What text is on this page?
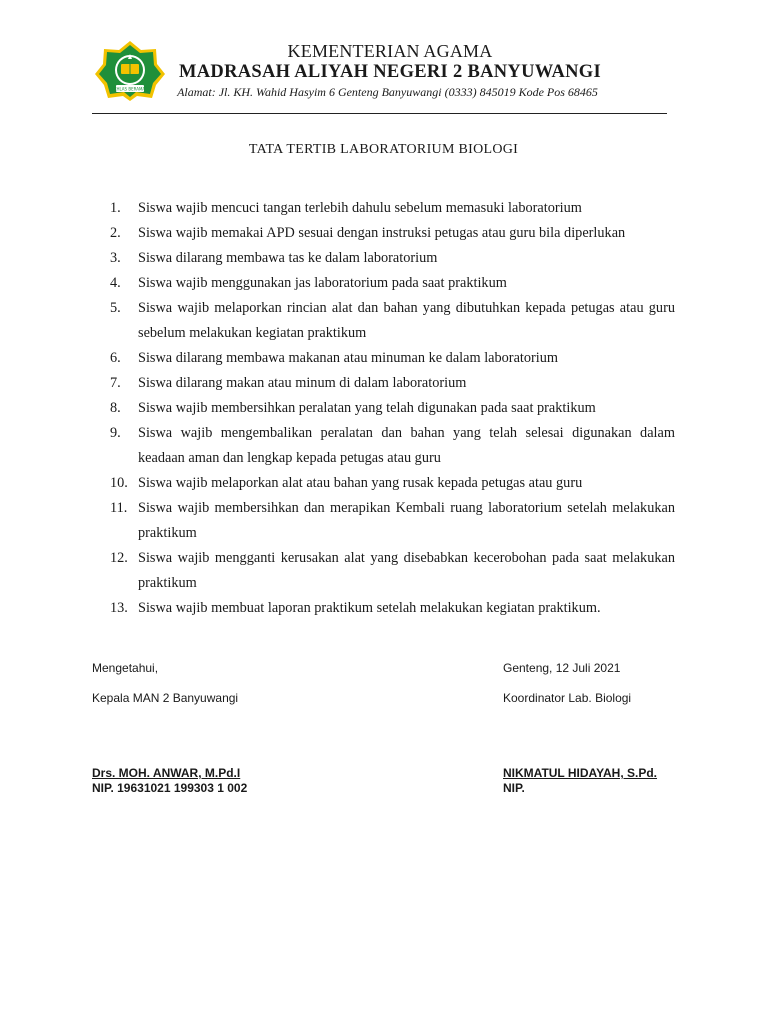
IKHLAS BERAMAL
KEMENTERIAN AGAMA
MADRASAH ALIYAH NEGERI 2 BANYUWANGI
Alamat: Jl. KH. Wahid Hasyim 6 Genteng Banyuwangi (0333) 845019 Kode Pos 68465
TATA TERTIB LABORATORIUM BIOLOGI
1.	Siswa wajib mencuci tangan terlebih dahulu sebelum memasuki laboratorium
2.	Siswa wajib memakai APD sesuai dengan instruksi petugas atau guru bila diperlukan
3.	Siswa dilarang membawa tas ke dalam laboratorium
4.	Siswa wajib menggunakan jas laboratorium pada saat praktikum
5.	Siswa wajib melaporkan rincian alat dan bahan yang dibutuhkan kepada petugas atau guru sebelum melakukan kegiatan praktikum
6.	Siswa dilarang membawa makanan atau minuman ke dalam laboratorium
7.	Siswa dilarang makan atau minum di dalam laboratorium
8.	Siswa wajib membersihkan peralatan yang telah digunakan pada saat praktikum
9.	Siswa wajib mengembalikan peralatan dan bahan yang telah selesai digunakan dalam keadaan aman dan lengkap kepada petugas atau guru
10. Siswa wajib melaporkan alat atau bahan yang rusak kepada petugas atau guru
11. Siswa wajib membersihkan dan merapikan Kembali ruang laboratorium setelah melakukan praktikum
12. Siswa wajib mengganti kerusakan alat yang disebabkan kecerobohan pada saat melakukan praktikum
13. Siswa wajib membuat laporan praktikum setelah melakukan kegiatan praktikum.
Mengetahui,
Kepala MAN 2 Banyuwangi
Drs. MOH. ANWAR, M.Pd.I
NIP. 19631021 199303 1 002
Genteng, 12 Juli 2021
Koordinator Lab. Biologi
NIKMATUL HIDAYAH, S.Pd.
NIP.
